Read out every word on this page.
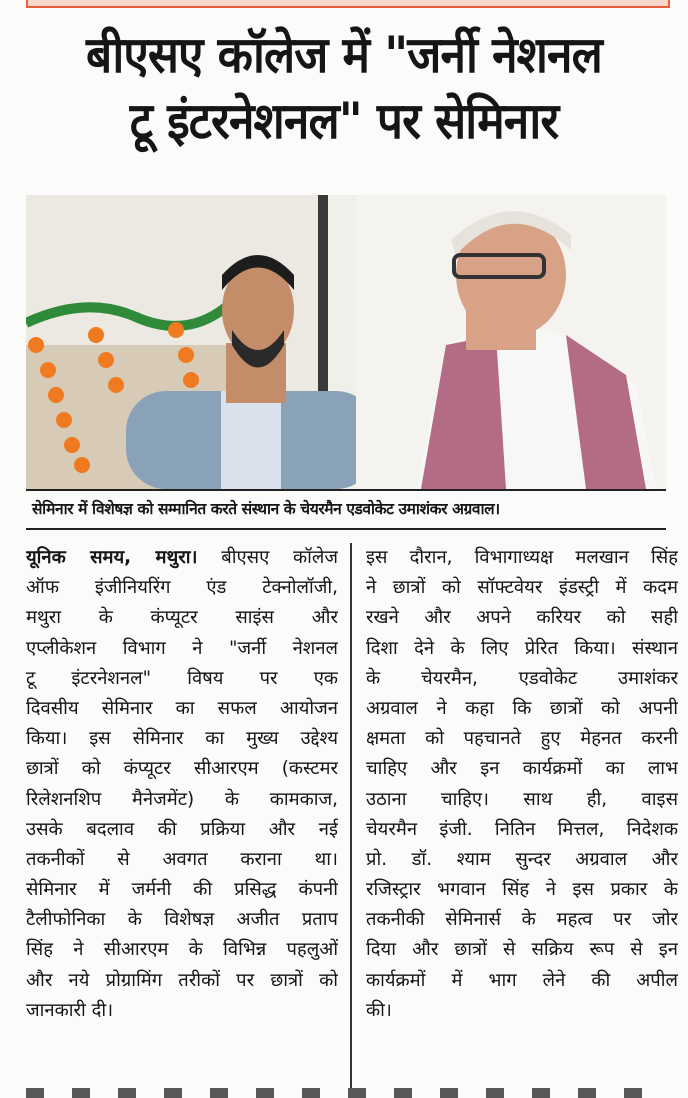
बीएसए कॉलेज में "जर्नी नेशनल
टू इंटरनेशनल" पर सेमिनार
सेमिनार में विशेषज्ञ को सम्मानित करते संस्थान के चेयरमैन एडवोकेट उमाशंकर अग्रवाल।
यूनिक समय, मथुरा। बीएसए कॉलेज
ऑफ इंजीनियरिंग एंड टेक्नोलॉजी,
मथुरा के कंप्यूटर साइंस और
एप्लीकेशन विभाग ने "जर्नी नेशनल
टू इंटरनेशनल" विषय पर एक
दिवसीय सेमिनार का सफल आयोजन
किया। इस सेमिनार का मुख्य उद्देश्य
छात्रों को कंप्यूटर सीआरएम (कस्टमर
रिलेशनशिप मैनेजमेंट) के कामकाज,
उसके बदलाव की प्रक्रिया और नई
तकनीकों से अवगत कराना था।
सेमिनार में जर्मनी की प्रसिद्ध कंपनी
टैलीफोनिका के विशेषज्ञ अजीत प्रताप
सिंह ने सीआरएम के विभिन्न पहलुओं
और नये प्रोग्रामिंग तरीकों पर छात्रों को
जानकारी दी।
इस दौरान, विभागाध्यक्ष मलखान सिंह
ने छात्रों को सॉफ्टवेयर इंडस्ट्री में कदम
रखने और अपने करियर को सही
दिशा देने के लिए प्रेरित किया। संस्थान
के चेयरमैन, एडवोकेट उमाशंकर
अग्रवाल ने कहा कि छात्रों को अपनी
क्षमता को पहचानते हुए मेहनत करनी
चाहिए और इन कार्यक्रमों का लाभ
उठाना चाहिए। साथ ही, वाइस
चेयरमैन इंजी. नितिन मित्तल, निदेशक
प्रो. डॉ. श्याम सुन्दर अग्रवाल और
रजिस्ट्रार भगवान सिंह ने इस प्रकार के
तकनीकी सेमिनार्स के महत्व पर जोर
दिया और छात्रों से सक्रिय रूप से इन
कार्यक्रमों में भाग लेने की अपील
की।
